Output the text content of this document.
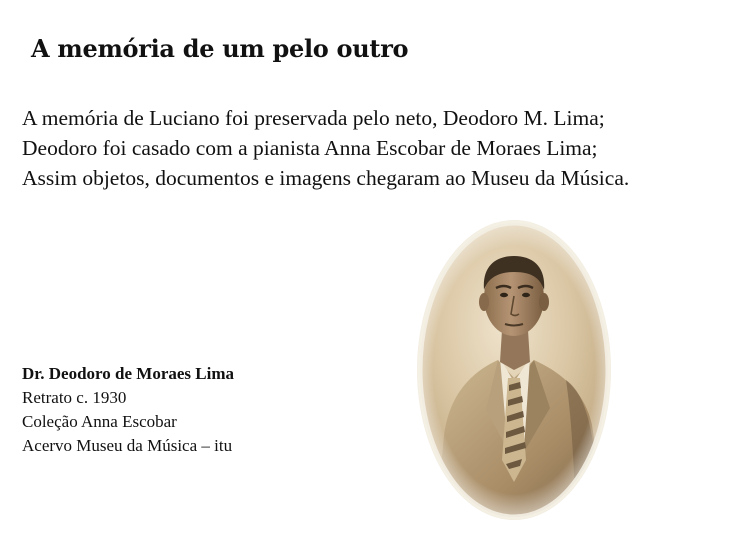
A memória de um pelo outro
A memória de Luciano foi preservada pelo neto, Deodoro M. Lima;
Deodoro foi casado com a pianista Anna Escobar de Moraes Lima;
Assim objetos, documentos e imagens chegaram ao Museu da Música.
Dr. Deodoro de Moraes Lima
Retrato c. 1930
Coleção Anna Escobar
Acervo Museu da Música – itu
